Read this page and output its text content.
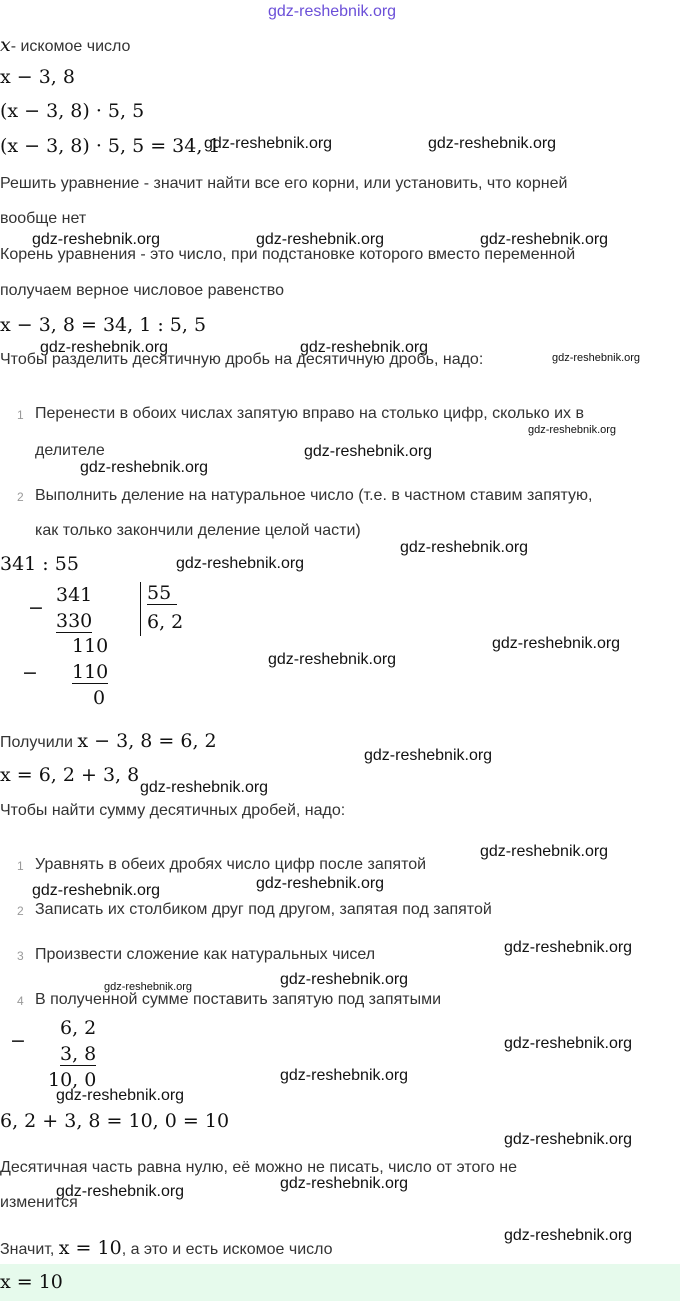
gdz-reshebnik.org
x- искомое число
x − 3, 8
(x − 3, 8) · 5, 5
(x − 3, 8) · 5, 5 = 34, 1
Решить уравнение - значит найти все его корни, или установить, что корней
вообще нет
Корень уравнения - это число, при подстановке которого вместо переменной
получаем верное числовое равенство
x − 3, 8 = 34, 1 : 5, 5
Чтобы разделить десятичную дробь на десятичную дробь, надо:
1 Перенести в обоих числах запятую вправо на столько цифр, сколько их в
делителе
2 Выполнить деление на натуральное число (т.е. в частном ставим запятую,
как только закончили деление целой части)
341 : 55
−
341
330
55
6, 2
110
− 110
0
Получили x − 3, 8 = 6, 2
x = 6, 2 + 3, 8
Чтобы найти сумму десятичных дробей, надо:
1 Уравнять в обеих дробях число цифр после запятой
2 Записать их столбиком друг под другом, запятая под запятой
3 Произвести сложение как натуральных чисел
4 В полученной сумме поставить запятую под запятыми
6, 2
−
3, 8
10, 0
6, 2 + 3, 8 = 10, 0 = 10
Десятичная часть равна нулю, её можно не писать, число от этого не
изменится
Значит, x = 10, а это и есть искомое число
x = 10
gdz-reshebnik.org	gdz-reshebnik.org
gdz-reshebnik.org	gdz-reshebnik.org	gdz-reshebnik.org
gdz-reshebnik.org	gdz-reshebnik.org
gdz-reshebnik.org
gdz-reshebnik.org
gdz-reshebnik.org
gdz-reshebnik.org
gdz-reshebnik.org
gdz-reshebnik.org
gdz-reshebnik.org
gdz-reshebnik.org
gdz-reshebnik.org
gdz-reshebnik.org
gdz-reshebnik.org
gdz-reshebnik.org
gdz-reshebnik.org
gdz-reshebnik.org
gdz-reshebnik.org
gdz-reshebnik.org
gdz-reshebnik.org
gdz-reshebnik.org
gdz-reshebnik.org
gdz-reshebnik.org
gdz-reshebnik.org
gdz-reshebnik.org
gdz-reshebnik.org
